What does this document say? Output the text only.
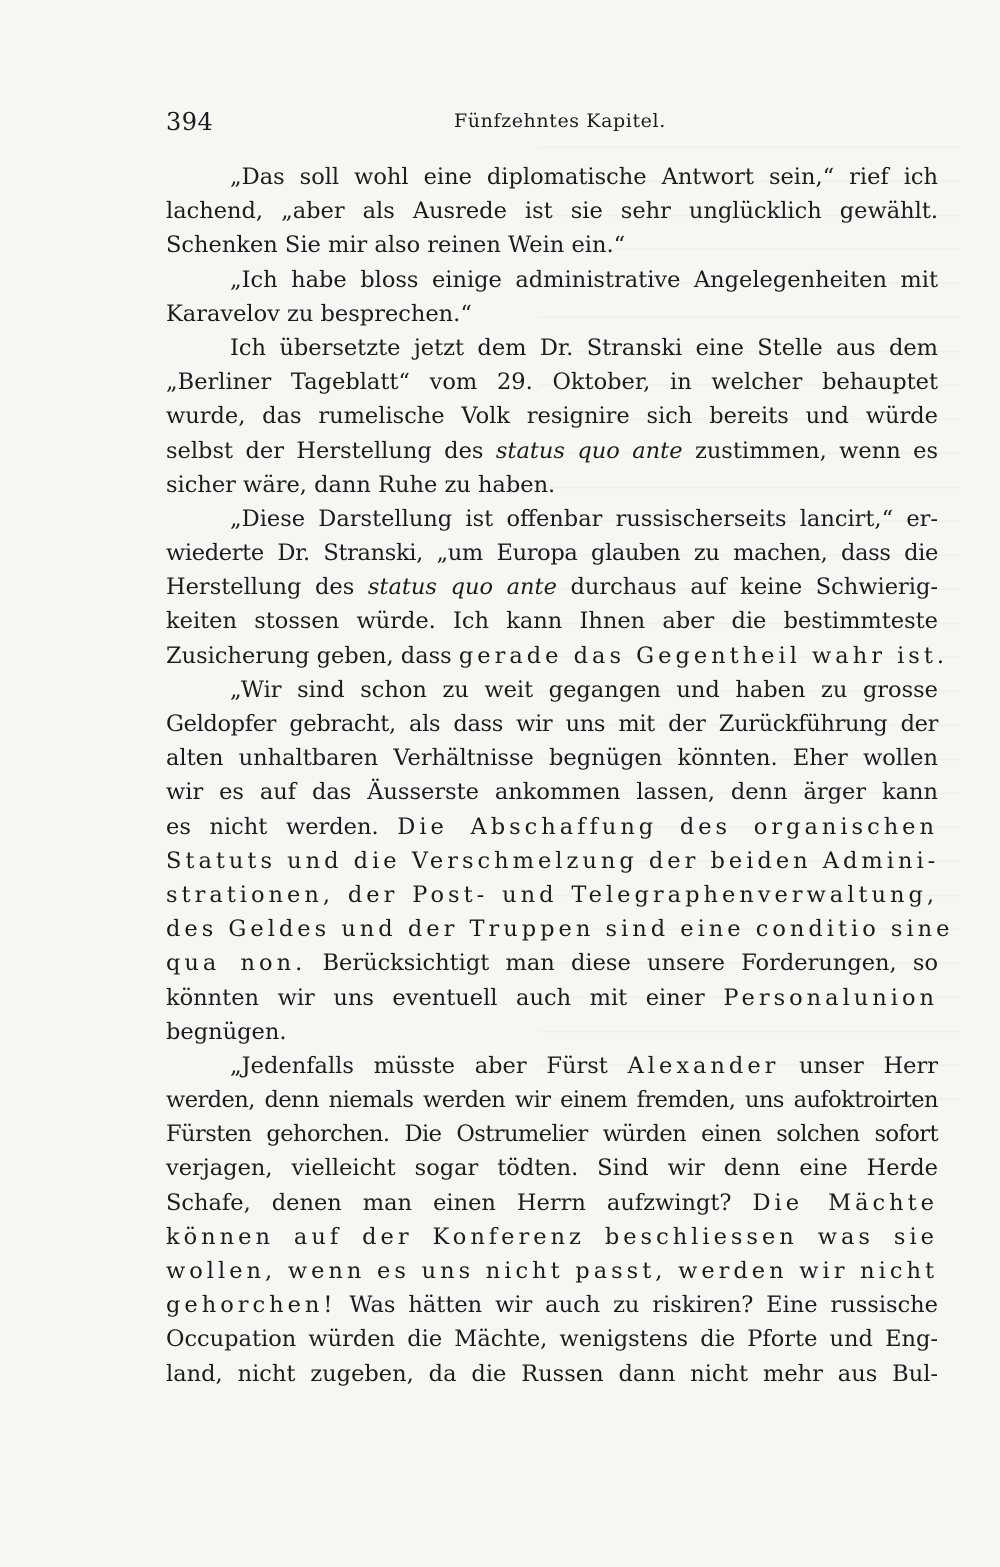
394	Fünfzehntes Kapitel.
„Das soll wohl eine diplomatische Antwort sein,“ rief ich
lachend, „aber als Ausrede ist sie sehr unglücklich gewählt.
Schenken Sie mir also reinen Wein ein.“
„Ich habe bloss einige administrative Angelegenheiten mit
Karavelov zu besprechen.“
Ich übersetzte jetzt dem Dr. Stranski eine Stelle aus dem
„Berliner Tageblatt“ vom 29. Oktober, in welcher behauptet
wurde, das rumelische Volk resignire sich bereits und würde
selbst der Herstellung des status quo ante zustimmen, wenn es
sicher wäre, dann Ruhe zu haben.
„Diese Darstellung ist offenbar russischerseits lancirt,“ er-
wiederte Dr. Stranski, „um Europa glauben zu machen, dass die
Herstellung des status quo ante durchaus auf keine Schwierig-
keiten stossen würde. Ich kann Ihnen aber die bestimmteste
Zusicherung geben, dass gerade das Gegentheil wahr ist.
„Wir sind schon zu weit gegangen und haben zu grosse
Geldopfer gebracht, als dass wir uns mit der Zurückführung der
alten unhaltbaren Verhältnisse begnügen könnten. Eher wollen
wir es auf das Äusserste ankommen lassen, denn ärger kann
es nicht werden. Die Abschaffung des organischen
Statuts und die Verschmelzung der beiden Admini-
strationen, der Post- und Telegraphenverwaltung,
des Geldes und der Truppen sind eine conditio sine
qua non. Berücksichtigt man diese unsere Forderungen, so
könnten wir uns eventuell auch mit einer Personalunion
begnügen.
„Jedenfalls müsste aber Fürst Alexander unser Herr
werden, denn niemals werden wir einem fremden, uns aufoktroirten
Fürsten gehorchen. Die Ostrumelier würden einen solchen sofort
verjagen, vielleicht sogar tödten. Sind wir denn eine Herde
Schafe, denen man einen Herrn aufzwingt? Die Mächte
können auf der Konferenz beschliessen was sie
wollen, wenn es uns nicht passt, werden wir nicht
gehorchen! Was hätten wir auch zu riskiren? Eine russische
Occupation würden die Mächte, wenigstens die Pforte und Eng-
land, nicht zugeben, da die Russen dann nicht mehr aus Bul-
